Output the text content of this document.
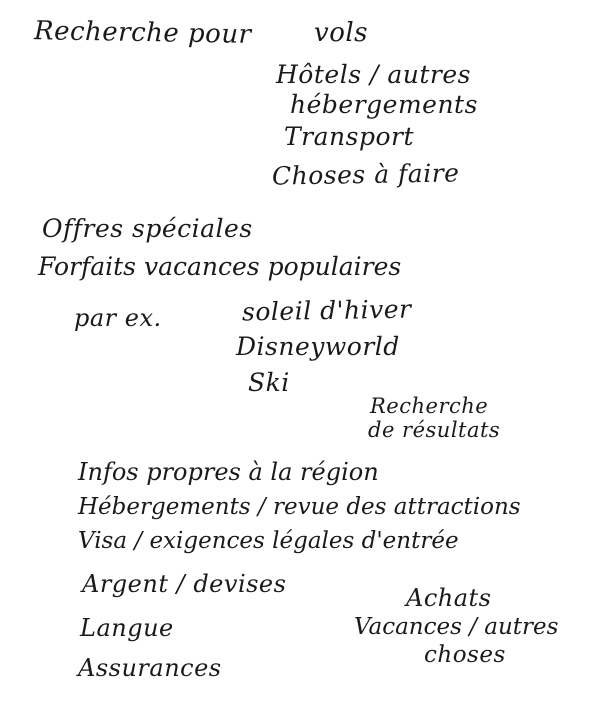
Recherche pour vols
Hôtels / autres
hébergements
Transport
Choses à faire
Offres spéciales
Forfaits vacances populaires
par ex.	soleil d'hiver
Disneyworld
Ski
Recherche
de résultats
Infos propres à la région
Hébergements / revue des attractions
Visa / exigences légales d'entrée
Argent / devises
Langue
Assurances
Achats
Vacances / autres
choses
